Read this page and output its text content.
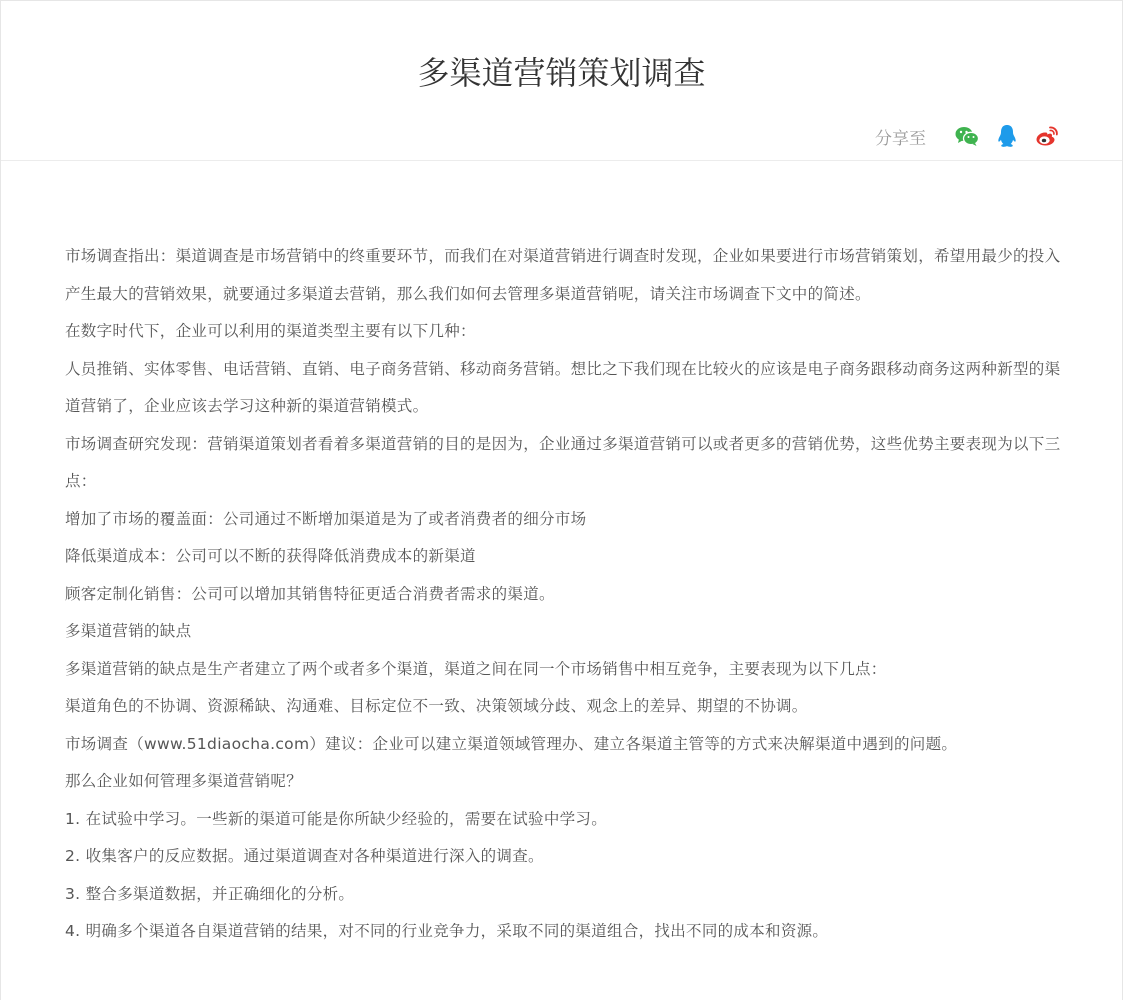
多渠道营销策划调查
分享至

市场调查指出：渠道调查是市场营销中的终重要环节，而我们在对渠道营销进行调查时发现，企业如果要进行市场营销策划，希望用最少的投入产生最大的营销效果，就要通过多渠道去营销，那么我们如何去管理多渠道营销呢，请关注市场调查下文中的简述。

在数字时代下，企业可以利用的渠道类型主要有以下几种：

人员推销、实体零售、电话营销、直销、电子商务营销、移动商务营销。想比之下我们现在比较火的应该是电子商务跟移动商务这两种新型的渠道营销了，企业应该去学习这种新的渠道营销模式。

市场调查研究发现：营销渠道策划者看着多渠道营销的目的是因为，企业通过多渠道营销可以或者更多的营销优势，这些优势主要表现为以下三点：

增加了市场的覆盖面：公司通过不断增加渠道是为了或者消费者的细分市场

降低渠道成本：公司可以不断的获得降低消费成本的新渠道

顾客定制化销售：公司可以增加其销售特征更适合消费者需求的渠道。

多渠道营销的缺点

多渠道营销的缺点是生产者建立了两个或者多个渠道，渠道之间在同一个市场销售中相互竞争，主要表现为以下几点：

渠道角色的不协调、资源稀缺、沟通难、目标定位不一致、决策领域分歧、观念上的差异、期望的不协调。

市场调查（www.51diaocha.com）建议：企业可以建立渠道领域管理办、建立各渠道主管等的方式来决解渠道中遇到的问题。

那么企业如何管理多渠道营销呢？

1. 在试验中学习。一些新的渠道可能是你所缺少经验的，需要在试验中学习。

2. 收集客户的反应数据。通过渠道调查对各种渠道进行深入的调查。

3. 整合多渠道数据，并正确细化的分析。

4. 明确多个渠道各自渠道营销的结果，对不同的行业竞争力，采取不同的渠道组合，找出不同的成本和资源。
